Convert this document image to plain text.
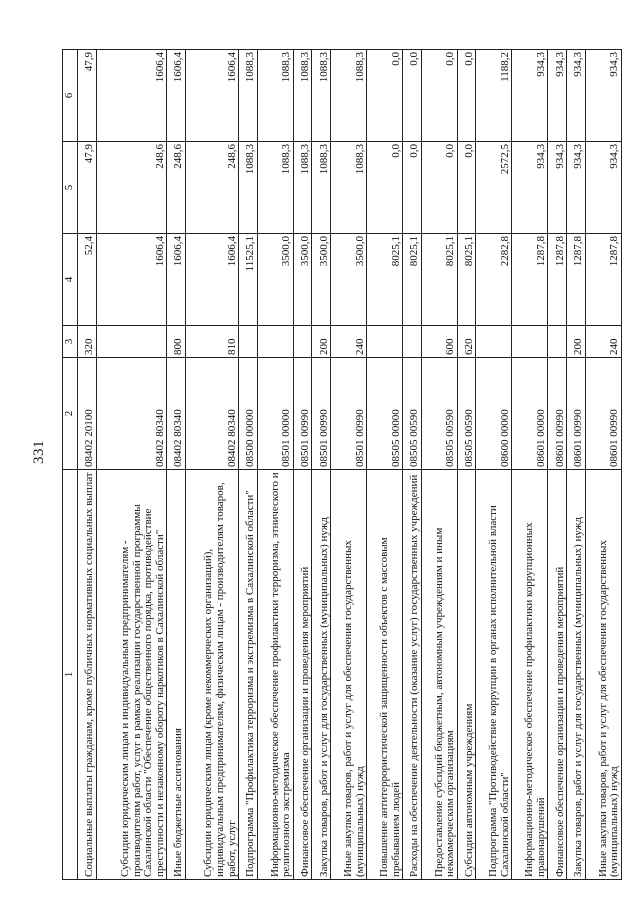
331
1	2	3	4	5	6
Социальные выплаты гражданам, кроме публичных нормативных социальных выплат	08402 20100	320	52,4	47,9	47,9
Субсидии юридическим лицам и индивидуальным предпринимателям - производителям работ, услуг в рамках реализации государственной программы Сахалинской области "Обеспечение общественного порядка, противодействие преступности и незаконному обороту наркотиков в Сахалинской области"	08402 80340		1606,4	248,6	1606,4
Иные бюджетные ассигнования	08402 80340	800	1606,4	248,6	1606,4
Субсидии юридическим лицам (кроме некоммерческих организаций), индивидуальным предпринимателям, физическим лицам - производителям товаров, работ, услуг	08402 80340	810	1606,4	248,6	1606,4
Подпрограмма "Профилактика терроризма и экстремизма в Сахалинской области"	08500 00000		11525,1	1088,3	1088,3
Информационно-методическое обеспечение профилактики терроризма, этнического и религиозного экстремизма	08501 00000		3500,0	1088,3	1088,3
Финансовое обеспечение организации и проведения мероприятий	08501 00990		3500,0	1088,3	1088,3
Закупка товаров, работ и услуг для государственных (муниципальных) нужд	08501 00990	200	3500,0	1088,3	1088,3
Иные закупки товаров, работ и услуг для обеспечения государственных (муниципальных) нужд	08501 00990	240	3500,0	1088,3	1088,3
Повышение антитеррористической защищенности объектов с массовым пребыванием людей	08505 00000		8025,1	0,0	0,0
Расходы на обеспечение деятельности (оказание услуг) государственных учреждений	08505 00590		8025,1	0,0	0,0
Предоставление субсидий бюджетным, автономным учреждениям и иным некоммерческим организациям	08505 00590	600	8025,1	0,0	0,0
Субсидии автономным учреждениям	08505 00590	620	8025,1	0,0	0,0
Подпрограмма "Противодействие коррупции в органах исполнительной власти Сахалинской области"	08600 00000		2282,8	2572,5	1188,2
Информационно-методическое обеспечение профилактики коррупционных правонарушений	08601 00000		1287,8	934,3	934,3
Финансовое обеспечение организации и проведения мероприятий	08601 00990		1287,8	934,3	934,3
Закупка товаров, работ и услуг для государственных (муниципальных) нужд	08601 00990	200	1287,8	934,3	934,3
Иные закупки товаров, работ и услуг для обеспечения государственных (муниципальных) нужд	08601 00990	240	1287,8	934,3	934,3
